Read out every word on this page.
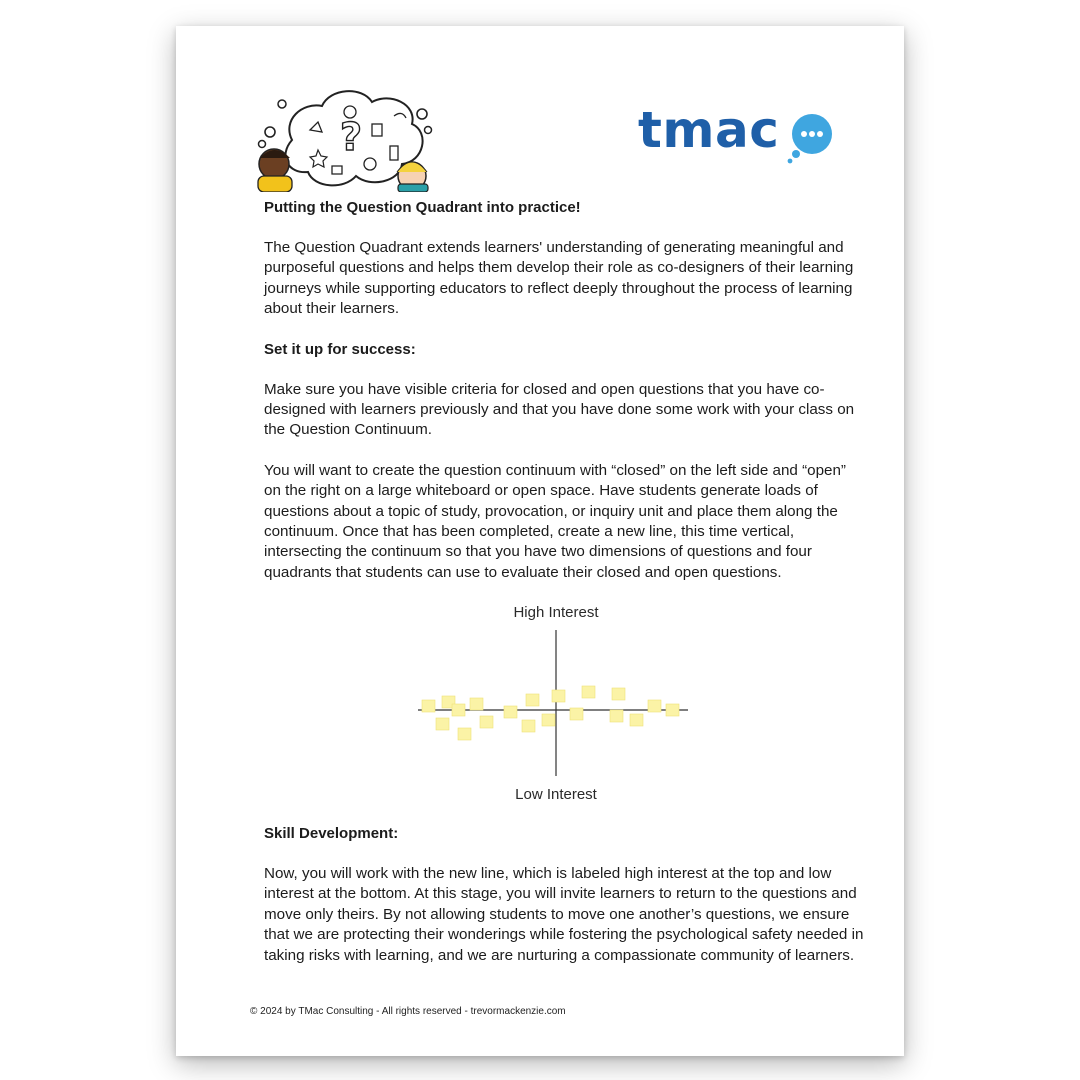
?	tmac

Putting the Question Quadrant into practice!

The Question Quadrant extends learners' understanding of generating meaningful and purposeful questions and helps them develop their role as co-designers of their learning journeys while supporting educators to reflect deeply throughout the process of learning about their learners.

Set it up for success:

Make sure you have visible criteria for closed and open questions that you have co-designed with learners previously and that you have done some work with your class on the Question Continuum.

You will want to create the question continuum with “closed” on the left side and “open” on the right on a large whiteboard or open space. Have students generate loads of questions about a topic of study, provocation, or inquiry unit and place them along the continuum. Once that has been completed, create a new line, this time vertical, intersecting the continuum so that you have two dimensions of questions and four quadrants that students can use to evaluate their closed and open questions.

High Interest
Low Interest

Skill Development:

Now, you will work with the new line, which is labeled high interest at the top and low interest at the bottom. At this stage, you will invite learners to return to the questions and move only theirs. By not allowing students to move one another’s questions, we ensure that we are protecting their wonderings while fostering the psychological safety needed in taking risks with learning, and we are nurturing a compassionate community of learners.

© 2024 by TMac Consulting - All rights reserved - trevormackenzie.com
